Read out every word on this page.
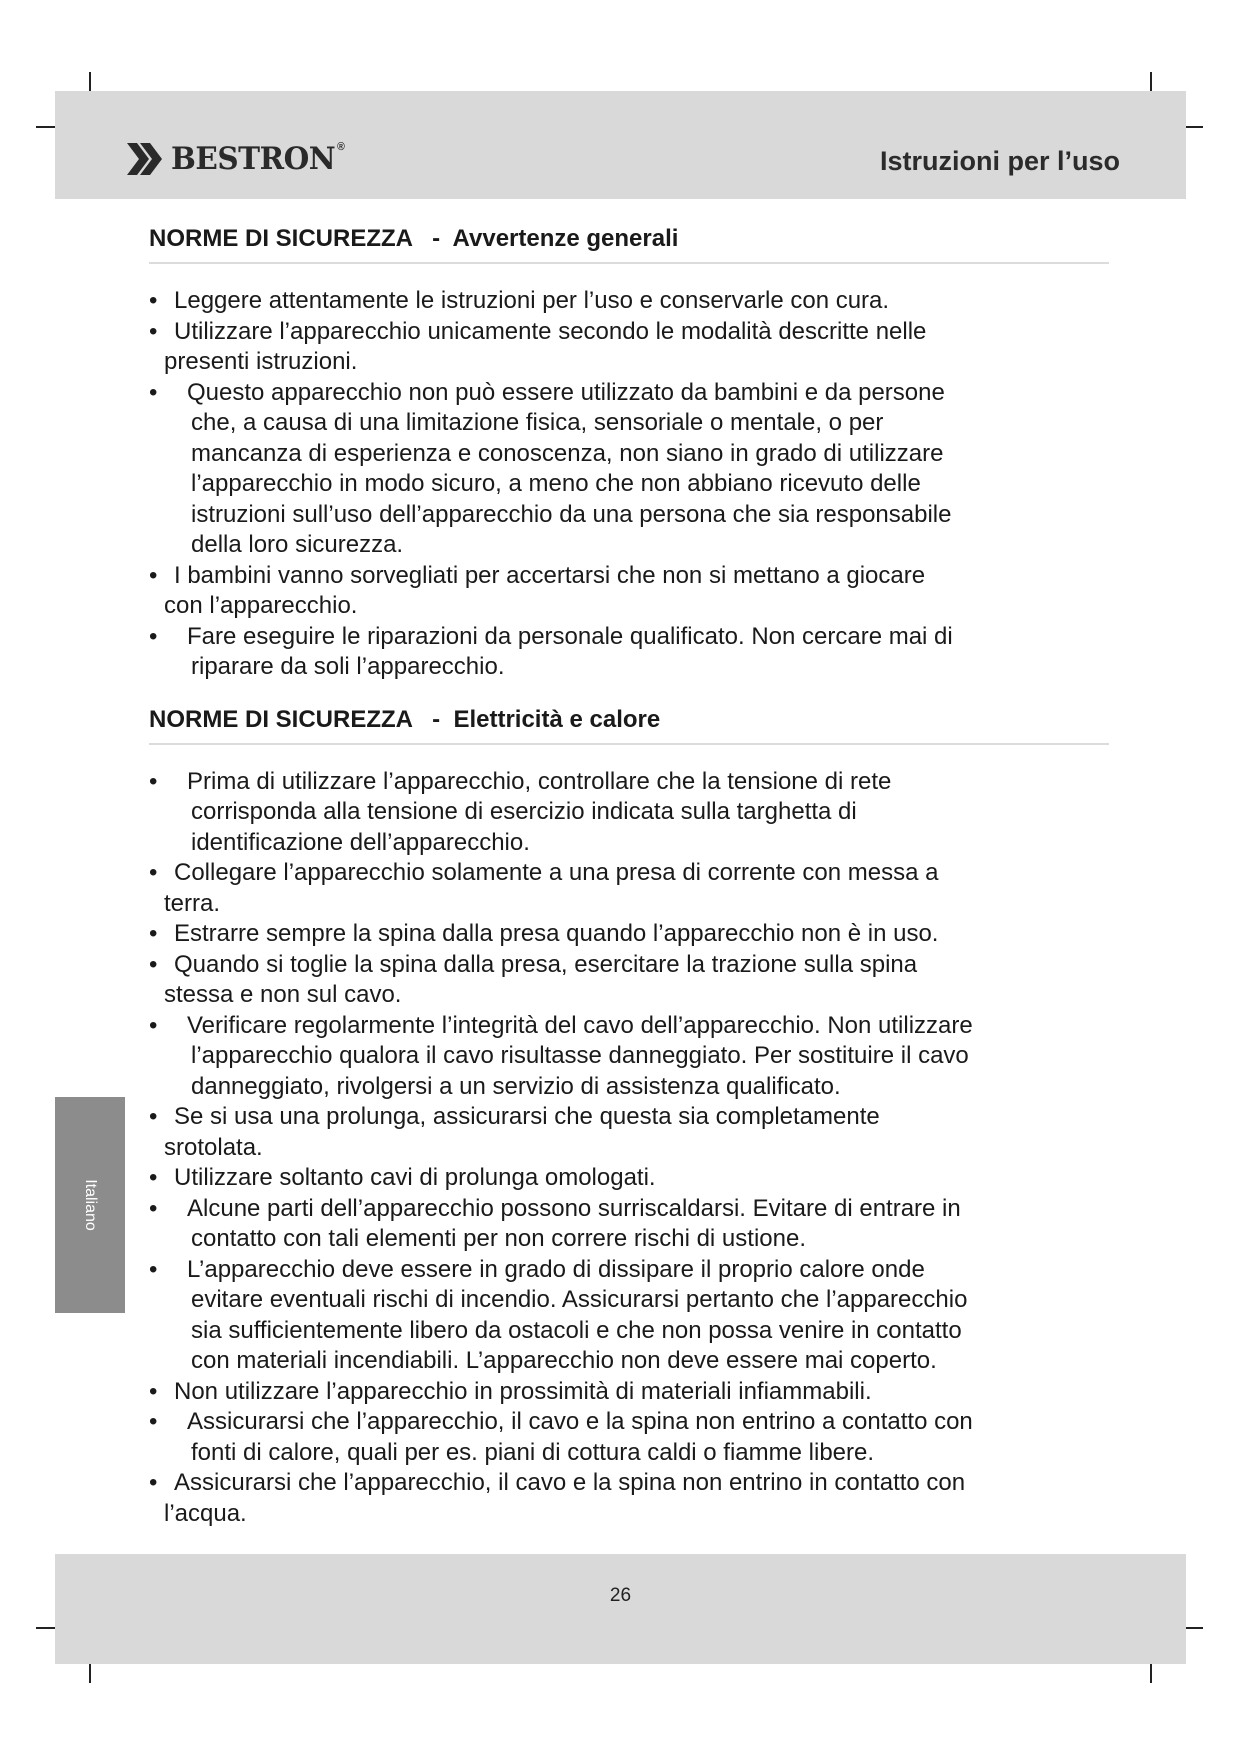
BESTRON ®	Istruzioni per l’uso
NORME DI SICUREZZA   -  Avvertenze generali
• Leggere attentamente le istruzioni per l’uso e conservarle con cura.
• Utilizzare l’apparecchio unicamente secondo le modalità descritte nelle
presenti istruzioni.
• Questo apparecchio non può essere utilizzato da bambini e da persone
che, a causa di una limitazione fisica, sensoriale o mentale, o per
mancanza di esperienza e conoscenza, non siano in grado di utilizzare
l’apparecchio in modo sicuro, a meno che non abbiano ricevuto delle
istruzioni sull’uso dell’apparecchio da una persona che sia responsabile
della loro sicurezza.
• I bambini vanno sorvegliati per accertarsi che non si mettano a giocare
con l’apparecchio.
• Fare eseguire le riparazioni da personale qualificato. Non cercare mai di
riparare da soli l’apparecchio.
NORME DI SICUREZZA   -  Elettricità e calore
• Prima di utilizzare l’apparecchio, controllare che la tensione di rete
corrisponda alla tensione di esercizio indicata sulla targhetta di
identificazione dell’apparecchio.
• Collegare l’apparecchio solamente a una presa di corrente con messa a
terra.
• Estrarre sempre la spina dalla presa quando l’apparecchio non è in uso.
• Quando si toglie la spina dalla presa, esercitare la trazione sulla spina
stessa e non sul cavo.
• Verificare regolarmente l’integrità del cavo dell’apparecchio. Non utilizzare
l’apparecchio qualora il cavo risultasse danneggiato. Per sostituire il cavo
danneggiato, rivolgersi a un servizio di assistenza qualificato.
• Se si usa una prolunga, assicurarsi che questa sia completamente
srotolata.
• Utilizzare soltanto cavi di prolunga omologati.
• Alcune parti dell’apparecchio possono surriscaldarsi. Evitare di entrare in
contatto con tali elementi per non correre rischi di ustione.
• L’apparecchio deve essere in grado di dissipare il proprio calore onde
evitare eventuali rischi di incendio. Assicurarsi pertanto che l’apparecchio
sia sufficientemente libero da ostacoli e che non possa venire in contatto
con materiali incendiabili. L’apparecchio non deve essere mai coperto.
• Non utilizzare l’apparecchio in prossimità di materiali infiammabili.
• Assicurarsi che l’apparecchio, il cavo e la spina non entrino a contatto con
fonti di calore, quali per es. piani di cottura caldi o fiamme libere.
• Assicurarsi che l’apparecchio, il cavo e la spina non entrino in contatto con
l’acqua.
Italiano
26
